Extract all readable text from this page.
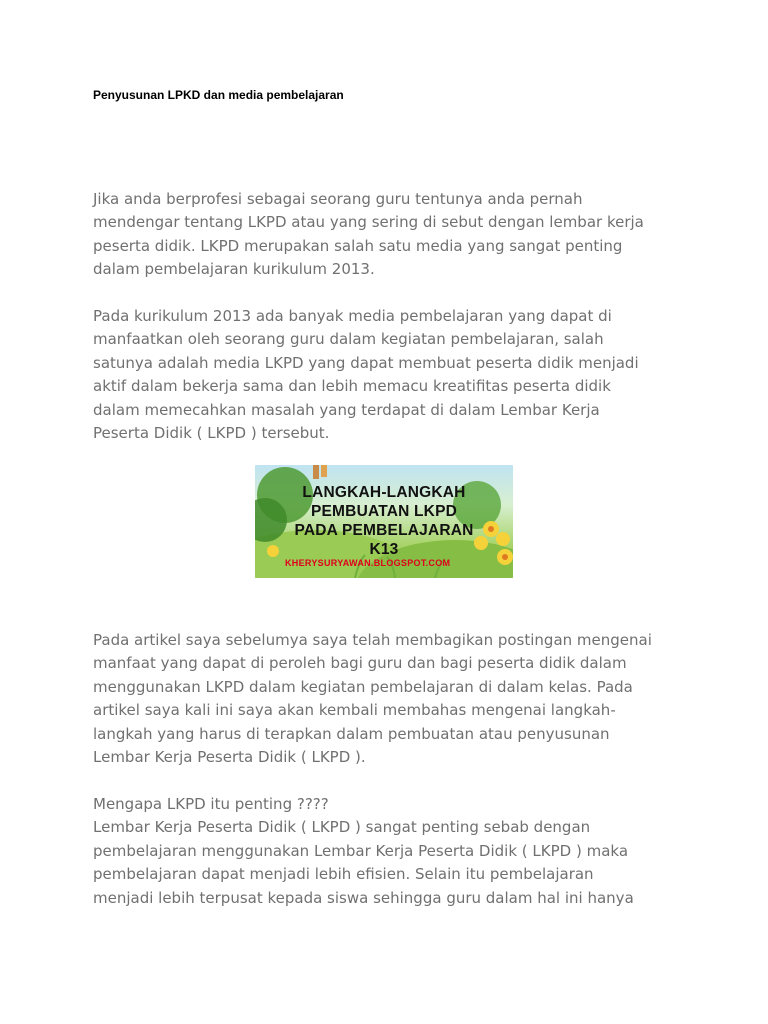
Penyusunan LPKD dan media pembelajaran

Jika anda berprofesi sebagai seorang guru tentunya anda pernah
mendengar tentang LKPD atau yang sering di sebut dengan lembar kerja
peserta didik. LKPD merupakan salah satu media yang sangat penting
dalam pembelajaran kurikulum 2013.

Pada kurikulum 2013 ada banyak media pembelajaran yang dapat di
manfaatkan oleh seorang guru dalam kegiatan pembelajaran, salah
satunya adalah media LKPD yang dapat membuat peserta didik menjadi
aktif dalam bekerja sama dan lebih memacu kreatifitas peserta didik
dalam memecahkan masalah yang terdapat di dalam Lembar Kerja
Peserta Didik ( LKPD ) tersebut.

LANGKAH-LANGKAH
PEMBUATAN LKPD
PADA PEMBELAJARAN
K13
KHERYSURYAWAN.BLOGSPOT.COM

Pada artikel saya sebelumya saya telah membagikan postingan mengenai
manfaat yang dapat di peroleh bagi guru dan bagi peserta didik dalam
menggunakan LKPD dalam kegiatan pembelajaran di dalam kelas. Pada
artikel saya kali ini saya akan kembali membahas mengenai langkah-
langkah yang harus di terapkan dalam pembuatan atau penyusunan
Lembar Kerja Peserta Didik ( LKPD ).

Mengapa LKPD itu penting ????
Lembar Kerja Peserta Didik ( LKPD ) sangat penting sebab dengan
pembelajaran menggunakan Lembar Kerja Peserta Didik ( LKPD ) maka
pembelajaran dapat menjadi lebih efisien. Selain itu pembelajaran
menjadi lebih terpusat kepada siswa sehingga guru dalam hal ini hanya
